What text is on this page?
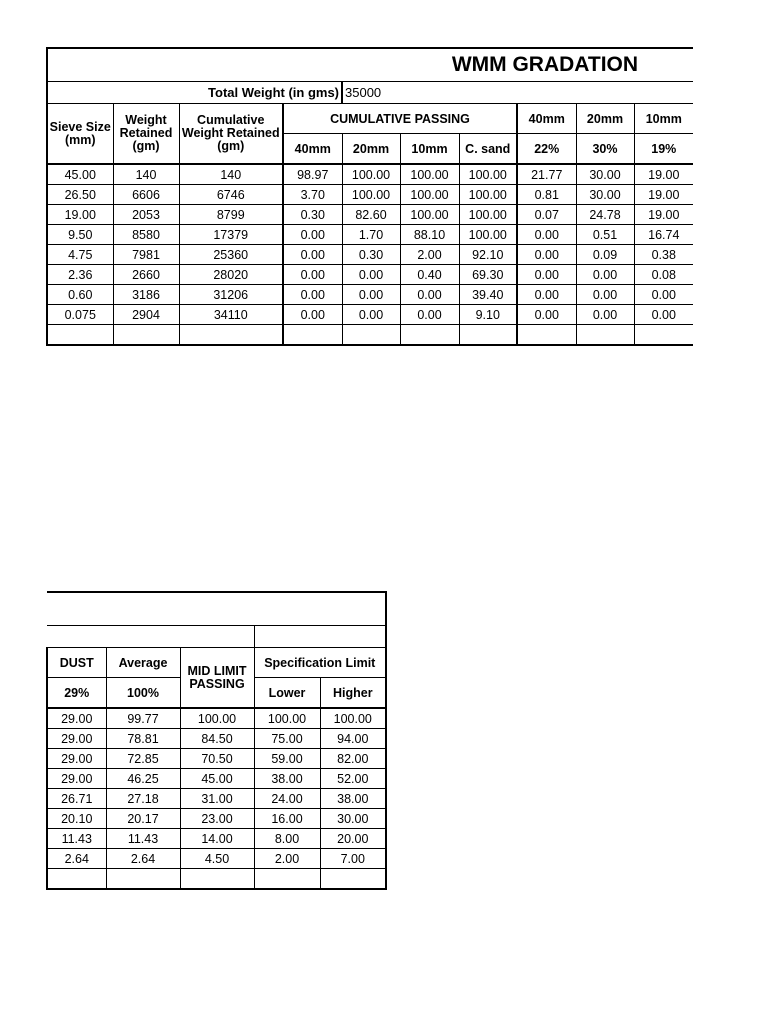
WMM GRADATION									
Total Weight (in gms)				35000					
Sieve Size (mm)	Weight Retained (gm)	Cumulative Weight Retained (gm)	CUMULATIVE PASSING				40mm	20mm	10mm
			40mm	20mm	10mm	C. sand	22%	30%	19%
45.00	140	140	98.97	100.00	100.00	100.00	21.77	30.00	19.00
26.50	6606	6746	3.70	100.00	100.00	100.00	0.81	30.00	19.00
19.00	2053	8799	0.30	82.60	100.00	100.00	0.07	24.78	19.00
9.50	8580	17379	0.00	1.70	88.10	100.00	0.00	0.51	16.74
4.75	7981	25360	0.00	0.30	2.00	92.10	0.00	0.09	0.38
2.36	2660	28020	0.00	0.00	0.40	69.30	0.00	0.00	0.08
0.60	3186	31206	0.00	0.00	0.00	39.40	0.00	0.00	0.00
0.075	2904	34110	0.00	0.00	0.00	9.10	0.00	0.00	0.00

DUST	Average	MID LIMIT PASSING	Specification Limit	
29%	100%		Lower	Higher
29.00	99.77	100.00	100.00	100.00
29.00	78.81	84.50	75.00	94.00
29.00	72.85	70.50	59.00	82.00
29.00	46.25	45.00	38.00	52.00
26.71	27.18	31.00	24.00	38.00
20.10	20.17	23.00	16.00	30.00
11.43	11.43	14.00	8.00	20.00
2.64	2.64	4.50	2.00	7.00
